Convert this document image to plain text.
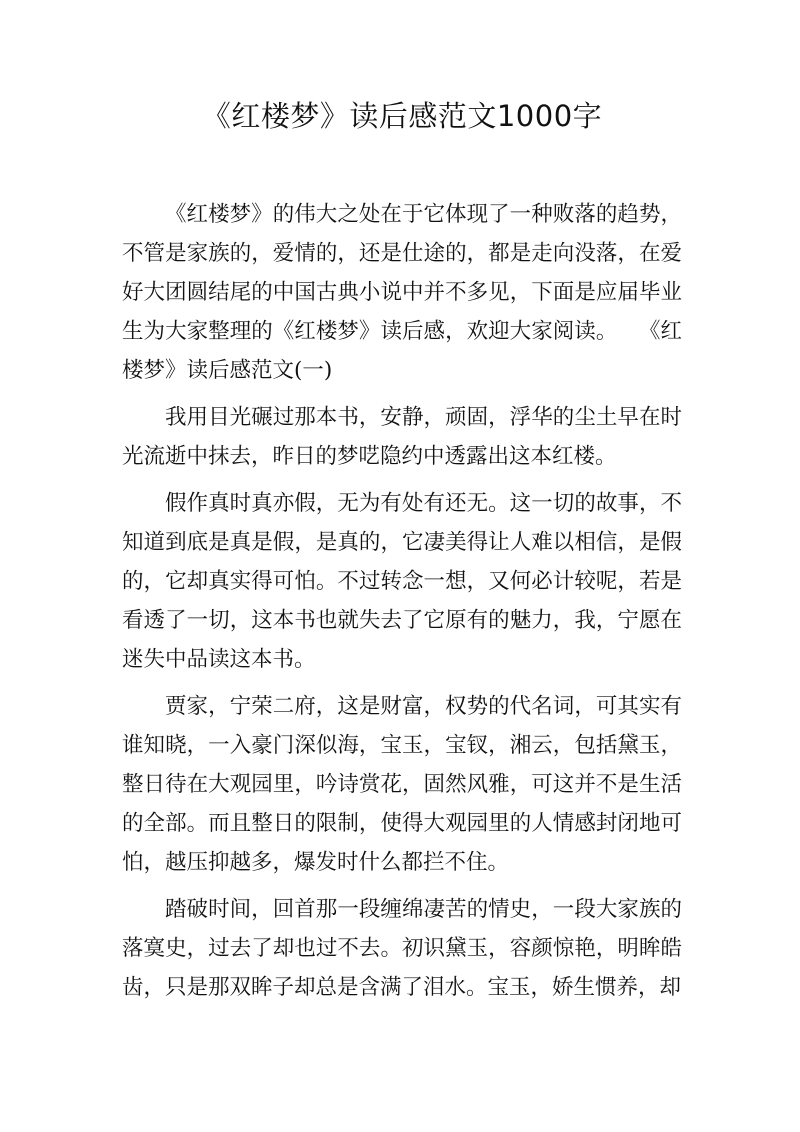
《红楼梦》读后感范文1000字

《红楼梦》的伟大之处在于它体现了一种败落的趋势，不管是家族的，爱情的，还是仕途的，都是走向没落，在爱好大团圆结尾的中国古典小说中并不多见，下面是应届毕业生为大家整理的《红楼梦》读后感，欢迎大家阅读。　　《红楼梦》读后感范文(一)

我用目光碾过那本书，安静，顽固，浮华的尘土早在时光流逝中抹去，昨日的梦呓隐约中透露出这本红楼。

假作真时真亦假，无为有处有还无。这一切的故事，不知道到底是真是假，是真的，它凄美得让人难以相信，是假的，它却真实得可怕。不过转念一想，又何必计较呢，若是看透了一切，这本书也就失去了它原有的魅力，我，宁愿在迷失中品读这本书。

贾家，宁荣二府，这是财富，权势的代名词，可其实有谁知晓，一入豪门深似海，宝玉，宝钗，湘云，包括黛玉，整日待在大观园里，吟诗赏花，固然风雅，可这并不是生活的全部。而且整日的限制，使得大观园里的人情感封闭地可怕，越压抑越多，爆发时什么都拦不住。

踏破时间，回首那一段缠绵凄苦的情史，一段大家族的落寞史，过去了却也过不去。初识黛玉，容颜惊艳，明眸皓齿，只是那双眸子却总是含满了泪水。宝玉，娇生惯养，却
